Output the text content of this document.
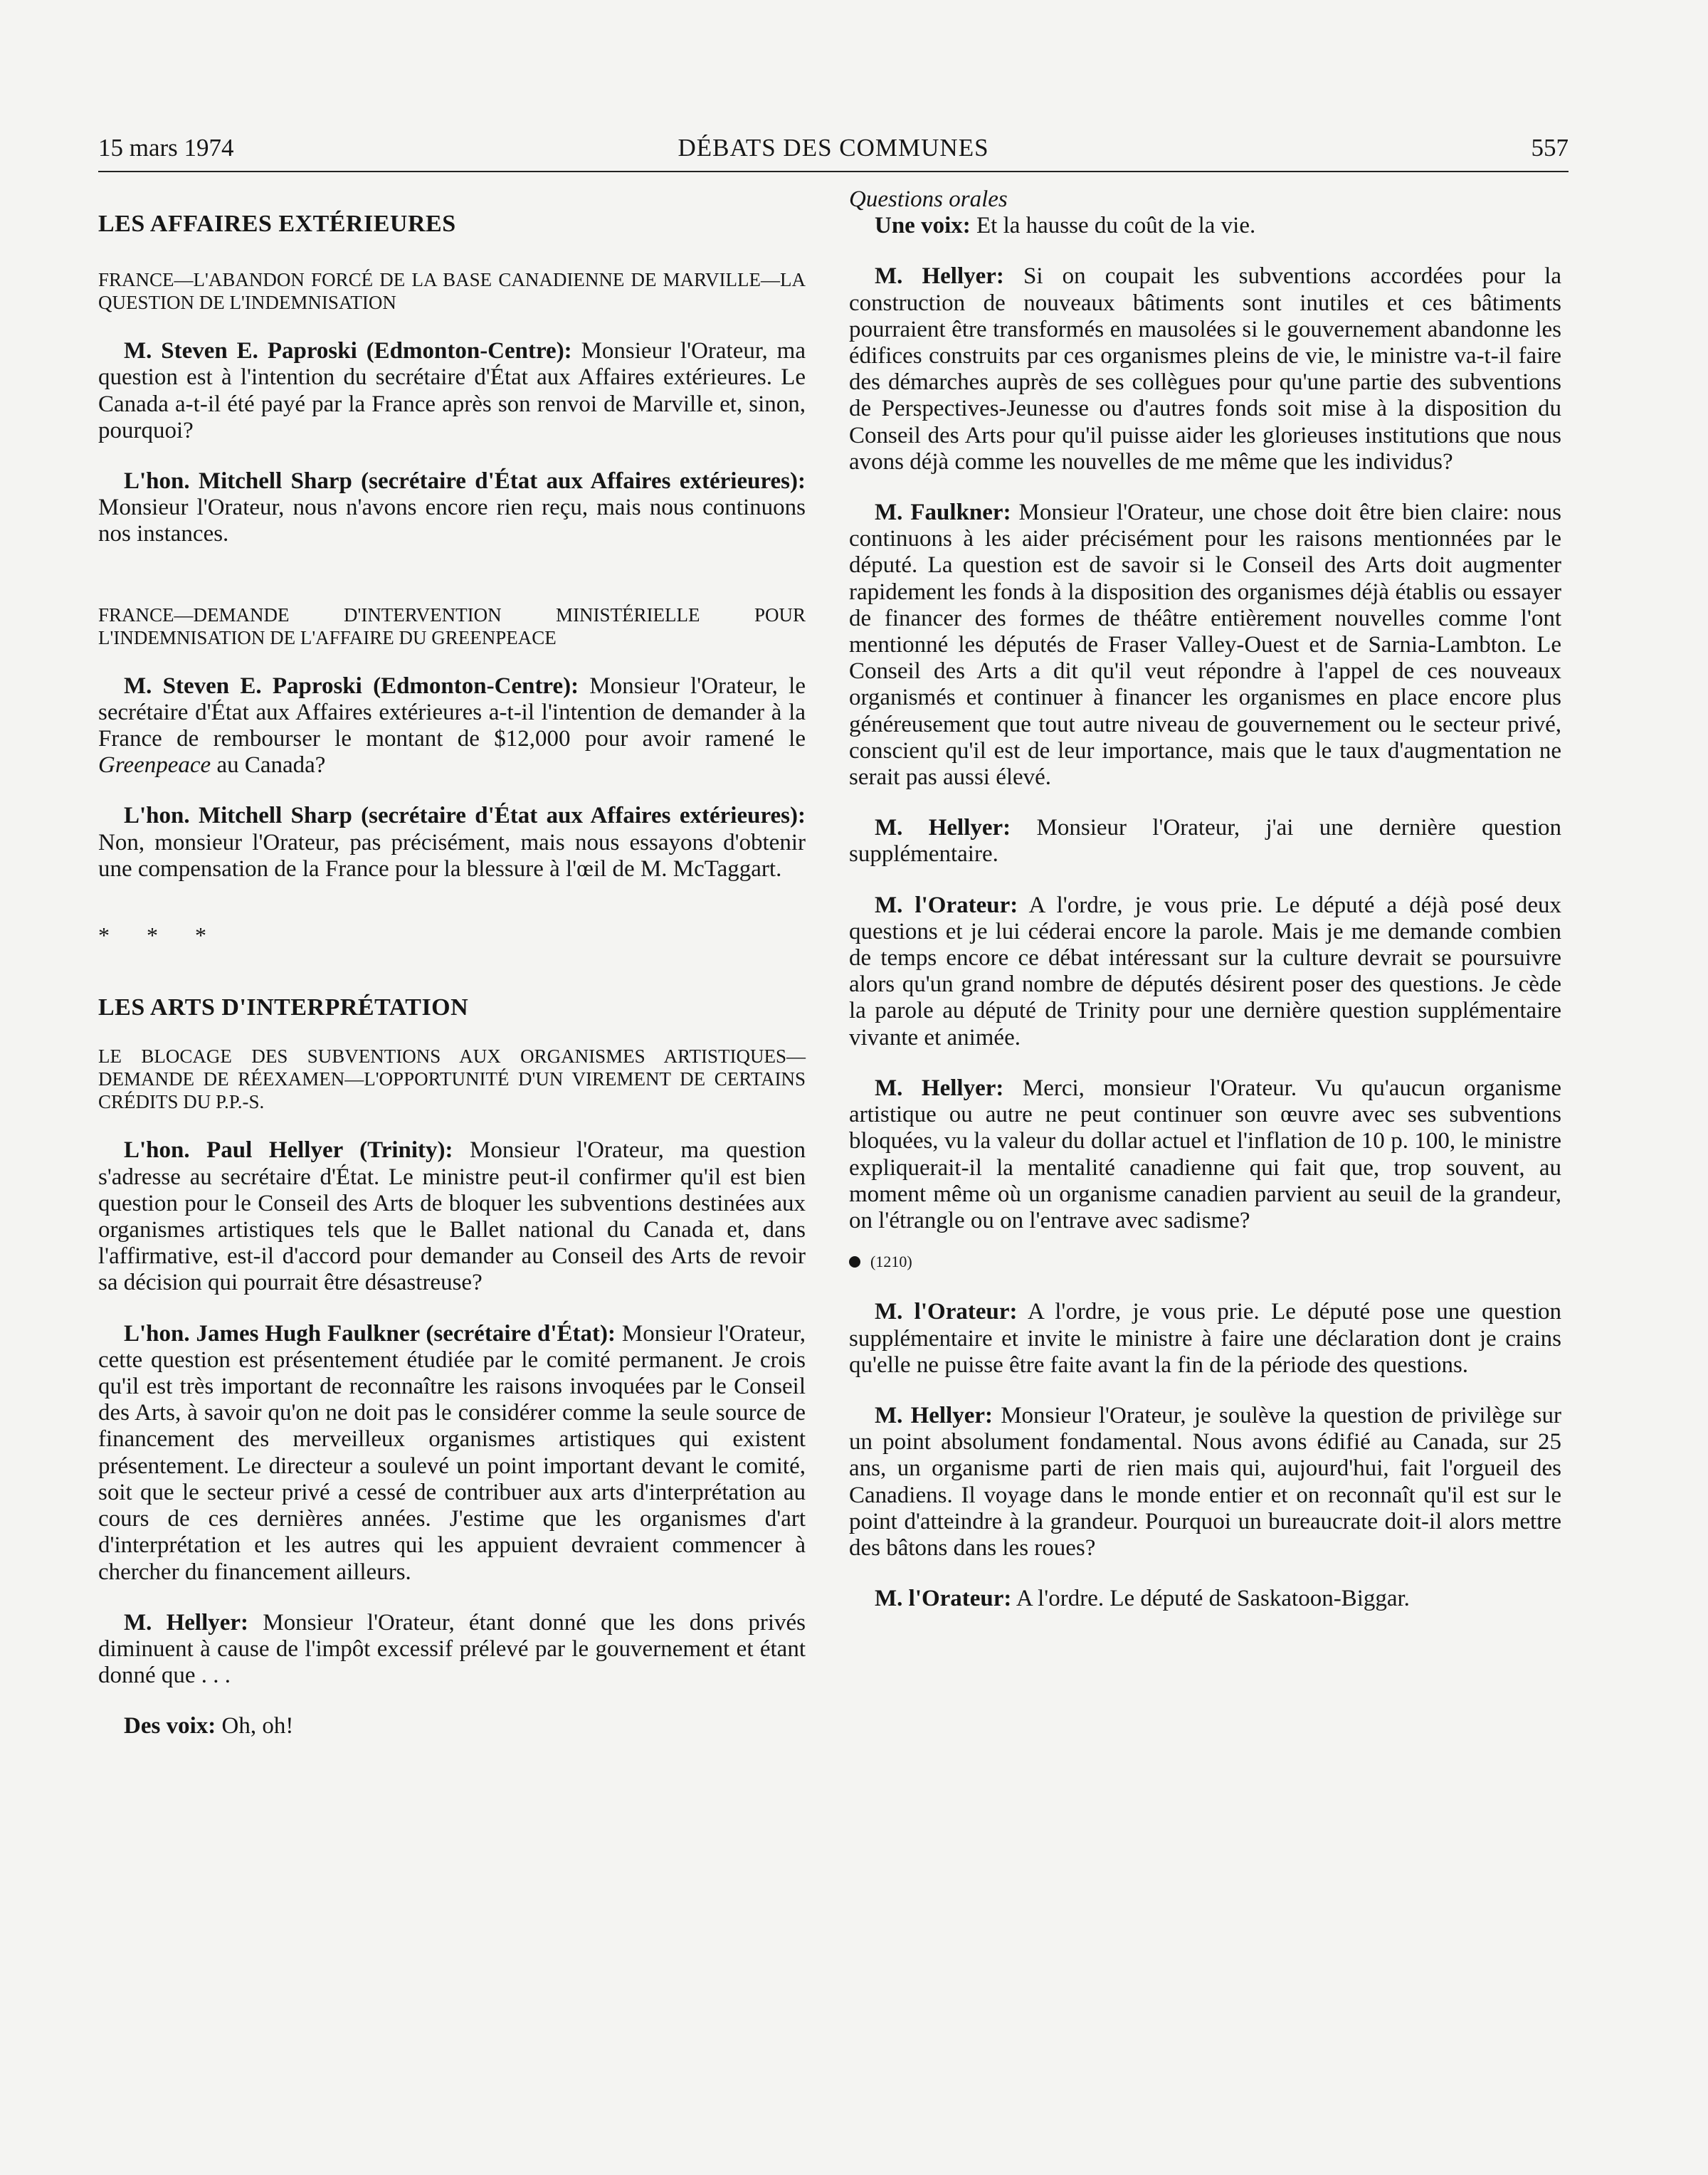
15 mars 1974	DÉBATS DES COMMUNES	557

LES AFFAIRES EXTÉRIEURES

FRANCE—L'ABANDON FORCÉ DE LA BASE CANADIENNE DE MARVILLE—LA QUESTION DE L'INDEMNISATION

M. Steven E. Paproski (Edmonton-Centre): Monsieur l'Orateur, ma question est à l'intention du secrétaire d'État aux Affaires extérieures. Le Canada a-t-il été payé par la France après son renvoi de Marville et, sinon, pourquoi?

L'hon. Mitchell Sharp (secrétaire d'État aux Affaires extérieures): Monsieur l'Orateur, nous n'avons encore rien reçu, mais nous continuons nos instances.

FRANCE—DEMANDE D'INTERVENTION MINISTÉRIELLE POUR L'INDEMNISATION DE L'AFFAIRE DU GREENPEACE

M. Steven E. Paproski (Edmonton-Centre): Monsieur l'Orateur, le secrétaire d'État aux Affaires extérieures a-t-il l'intention de demander à la France de rembourser le montant de $12,000 pour avoir ramené le Greenpeace au Canada?

L'hon. Mitchell Sharp (secrétaire d'État aux Affaires extérieures): Non, monsieur l'Orateur, pas précisément, mais nous essayons d'obtenir une compensation de la France pour la blessure à l'œil de M. McTaggart.

* * *

LES ARTS D'INTERPRÉTATION

LE BLOCAGE DES SUBVENTIONS AUX ORGANISMES ARTISTIQUES—DEMANDE DE RÉEXAMEN—L'OPPORTUNITÉ D'UN VIREMENT DE CERTAINS CRÉDITS DU P.P.-S.

L'hon. Paul Hellyer (Trinity): Monsieur l'Orateur, ma question s'adresse au secrétaire d'État. Le ministre peut-il confirmer qu'il est bien question pour le Conseil des Arts de bloquer les subventions destinées aux organismes artistiques tels que le Ballet national du Canada et, dans l'affirmative, est-il d'accord pour demander au Conseil des Arts de revoir sa décision qui pourrait être désastreuse?

L'hon. James Hugh Faulkner (secrétaire d'État): Monsieur l'Orateur, cette question est présentement étudiée par le comité permanent. Je crois qu'il est très important de reconnaître les raisons invoquées par le Conseil des Arts, à savoir qu'on ne doit pas le considérer comme la seule source de financement des merveilleux organismes artistiques qui existent présentement. Le directeur a soulevé un point important devant le comité, soit que le secteur privé a cessé de contribuer aux arts d'interprétation au cours de ces dernières années. J'estime que les organismes d'art d'interprétation et les autres qui les appuient devraient commencer à chercher du financement ailleurs.

M. Hellyer: Monsieur l'Orateur, étant donné que les dons privés diminuent à cause de l'impôt excessif prélevé par le gouvernement et étant donné que . . .

Des voix: Oh, oh!

Questions orales

Une voix: Et la hausse du coût de la vie.

M. Hellyer: Si on coupait les subventions accordées pour la construction de nouveaux bâtiments sont inutiles et ces bâtiments pourraient être transformés en mausolées si le gouvernement abandonne les édifices construits par ces organismes pleins de vie, le ministre va-t-il faire des démarches auprès de ses collègues pour qu'une partie des subventions de Perspectives-Jeunesse ou d'autres fonds soit mise à la disposition du Conseil des Arts pour qu'il puisse aider les glorieuses institutions que nous avons déjà comme les nouvelles de me même que les individus?

M. Faulkner: Monsieur l'Orateur, une chose doit être bien claire: nous continuons à les aider précisément pour les raisons mentionnées par le député. La question est de savoir si le Conseil des Arts doit augmenter rapidement les fonds à la disposition des organismes déjà établis ou essayer de financer des formes de théâtre entièrement nouvelles comme l'ont mentionné les députés de Fraser Valley-Ouest et de Sarnia-Lambton. Le Conseil des Arts a dit qu'il veut répondre à l'appel de ces nouveaux organismés et continuer à financer les organismes en place encore plus généreusement que tout autre niveau de gouvernement ou le secteur privé, conscient qu'il est de leur importance, mais que le taux d'augmentation ne serait pas aussi élevé.

M. Hellyer: Monsieur l'Orateur, j'ai une dernière question supplémentaire.

M. l'Orateur: A l'ordre, je vous prie. Le député a déjà posé deux questions et je lui céderai encore la parole. Mais je me demande combien de temps encore ce débat intéressant sur la culture devrait se poursuivre alors qu'un grand nombre de députés désirent poser des questions. Je cède la parole au député de Trinity pour une dernière question supplémentaire vivante et animée.

M. Hellyer: Merci, monsieur l'Orateur. Vu qu'aucun organisme artistique ou autre ne peut continuer son œuvre avec ses subventions bloquées, vu la valeur du dollar actuel et l'inflation de 10 p. 100, le ministre expliquerait-il la mentalité canadienne qui fait que, trop souvent, au moment même où un organisme canadien parvient au seuil de la grandeur, on l'étrangle ou on l'entrave avec sadisme?

(1210)

M. l'Orateur: A l'ordre, je vous prie. Le député pose une question supplémentaire et invite le ministre à faire une déclaration dont je crains qu'elle ne puisse être faite avant la fin de la période des questions.

M. Hellyer: Monsieur l'Orateur, je soulève la question de privilège sur un point absolument fondamental. Nous avons édifié au Canada, sur 25 ans, un organisme parti de rien mais qui, aujourd'hui, fait l'orgueil des Canadiens. Il voyage dans le monde entier et on reconnaît qu'il est sur le point d'atteindre à la grandeur. Pourquoi un bureaucrate doit-il alors mettre des bâtons dans les roues?

M. l'Orateur: A l'ordre. Le député de Saskatoon-Biggar.
